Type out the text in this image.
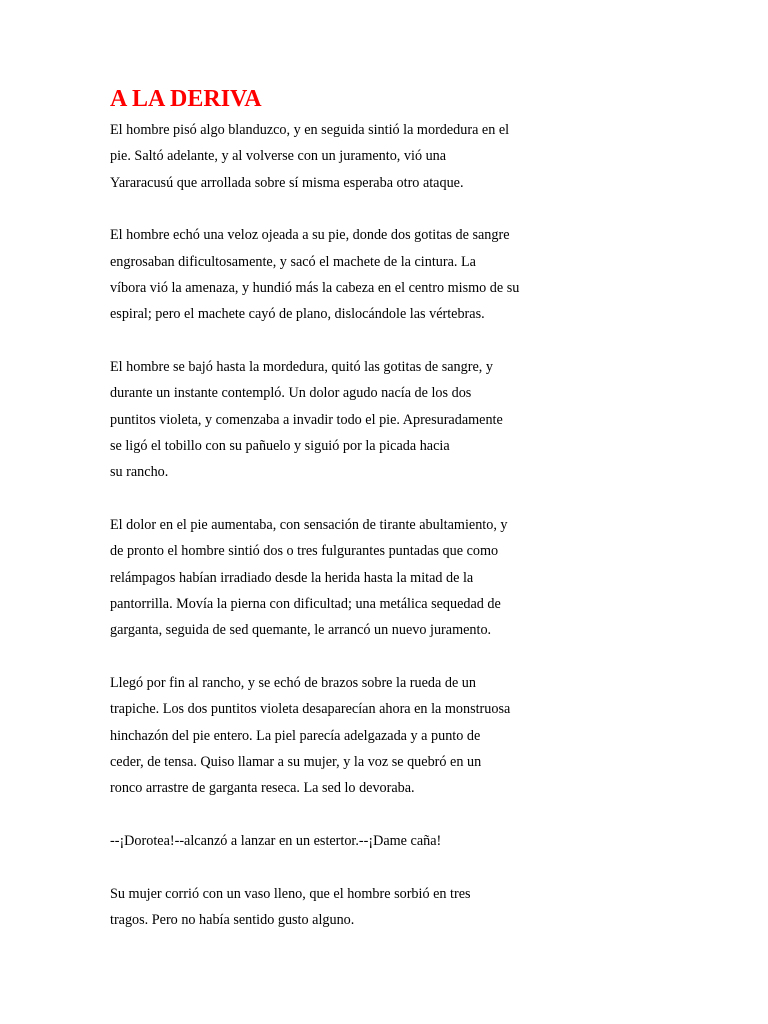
A LA DERIVA

El hombre pisó algo blanduzco, y en seguida sintió la mordedura en el

pie. Saltó adelante, y al volverse con un juramento, vió una

Yararacusú que arrollada sobre sí misma esperaba otro ataque.

El hombre echó una veloz ojeada a su pie, donde dos gotitas de sangre

engrosaban dificultosamente, y sacó el machete de la cintura. La

víbora vió la amenaza, y hundió más la cabeza en el centro mismo de su

espiral; pero el machete cayó de plano, dislocándole las vértebras.

El hombre se bajó hasta la mordedura, quitó las gotitas de sangre, y

durante un instante contempló. Un dolor agudo nacía de los dos

puntitos violeta, y comenzaba a invadir todo el pie. Apresuradamente

se ligó el tobillo con su pañuelo y siguió por la picada hacia

su rancho.

El dolor en el pie aumentaba, con sensación de tirante abultamiento, y

de pronto el hombre sintió dos o tres fulgurantes puntadas que como

relámpagos habían irradiado desde la herida hasta la mitad de la

pantorrilla. Movía la pierna con dificultad; una metálica sequedad de

garganta, seguida de sed quemante, le arrancó un nuevo juramento.

Llegó por fin al rancho, y se echó de brazos sobre la rueda de un

trapiche. Los dos puntitos violeta desaparecían ahora en la monstruosa

hinchazón del pie entero. La piel parecía adelgazada y a punto de

ceder, de tensa. Quiso llamar a su mujer, y la voz se quebró en un

ronco arrastre de garganta reseca. La sed lo devoraba.

--¡Dorotea!--alcanzó a lanzar en un estertor.--¡Dame caña!

Su mujer corrió con un vaso lleno, que el hombre sorbió en tres

tragos. Pero no había sentido gusto alguno.
